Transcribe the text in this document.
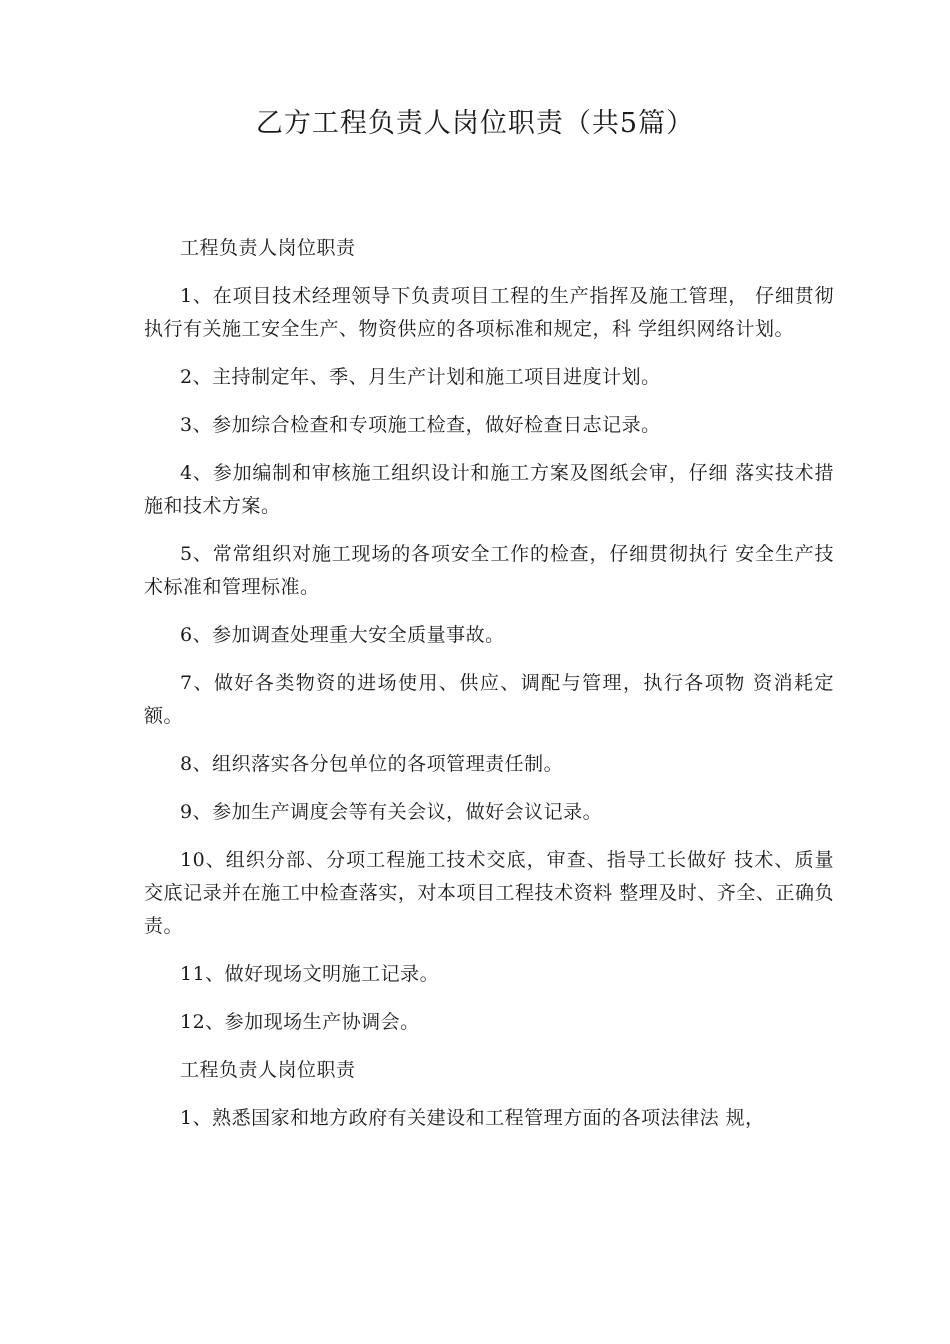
乙方工程负责人岗位职责（共5篇）

工程负责人岗位职责

1、在项目技术经理领导下负责项目工程的生产指挥及施工管理， 仔细贯彻执行有关施工安全生产、物资供应的各项标准和规定，科 学组织网络计划。

2、主持制定年、季、月生产计划和施工项目进度计划。

3、参加综合检查和专项施工检查，做好检查日志记录。

4、参加编制和审核施工组织设计和施工方案及图纸会审，仔细 落实技术措施和技术方案。

5、常常组织对施工现场的各项安全工作的检查，仔细贯彻执行 安全生产技术标准和管理标准。

6、参加调查处理重大安全质量事故。

7、做好各类物资的进场使用、供应、调配与管理，执行各项物 资消耗定额。

8、组织落实各分包单位的各项管理责任制。

9、参加生产调度会等有关会议，做好会议记录。

10、组织分部、分项工程施工技术交底，审查、指导工长做好 技术、质量交底记录并在施工中检查落实，对本项目工程技术资料 整理及时、齐全、正确负责。

11、做好现场文明施工记录。

12、参加现场生产协调会。

工程负责人岗位职责

1、熟悉国家和地方政府有关建设和工程管理方面的各项法律法 规，
